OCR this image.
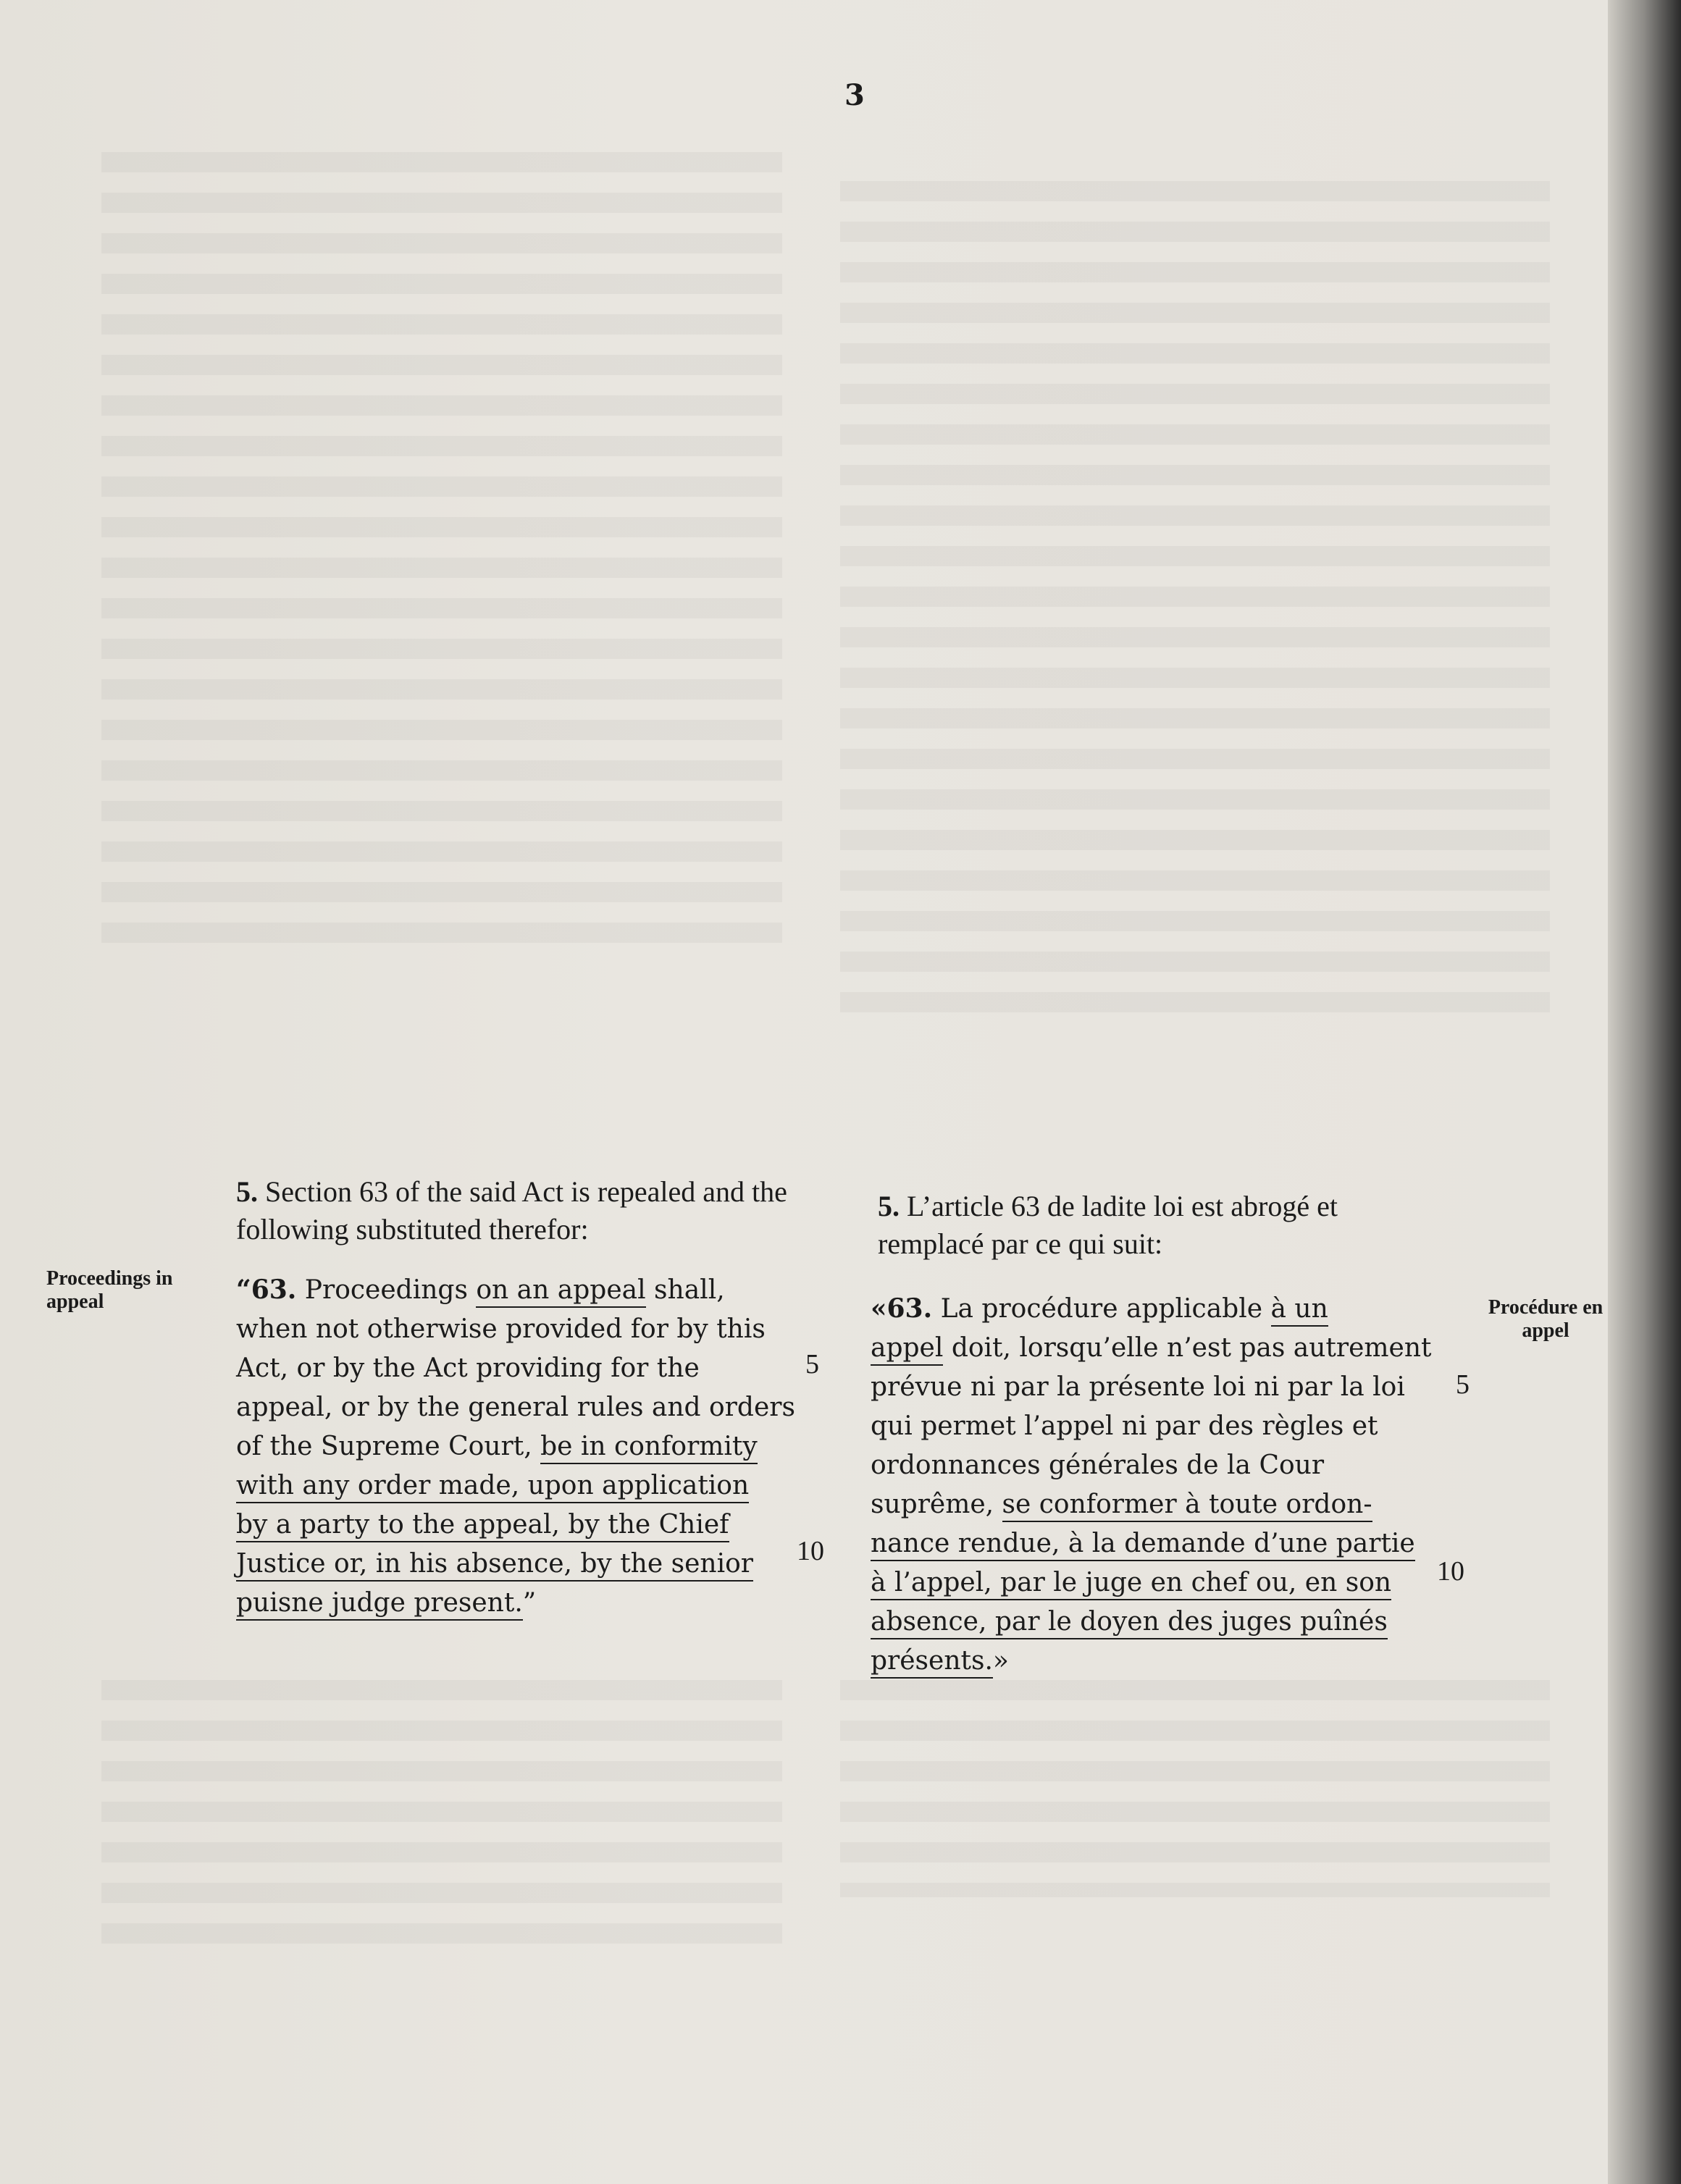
3
5. Section 63 of the said Act is repealed and the following substituted therefor:
Proceedings in appeal	“63. Proceedings on an appeal shall,
when not otherwise provided for by this
Act, or by the Act providing for the
appeal, or by the general rules and orders
of the Supreme Court, be in conformity
with any order made, upon application
by a party to the appeal, by the Chief
Justice or, in his absence, by the senior
puisne judge present.”
5
10
5. L’article 63 de ladite loi est abrogé et remplacé par ce qui suit:
Procédure en appel
«63. La procédure applicable à un
appel doit, lorsqu’elle n’est pas autrement
prévue ni par la présente loi ni par la loi
qui permet l’appel ni par des règles et
ordonnances générales de la Cour
suprême, se conformer à toute ordon-
nance rendue, à la demande d’une partie
à l’appel, par le juge en chef ou, en son
absence, par le doyen des juges puînés
présents.»
5
10
